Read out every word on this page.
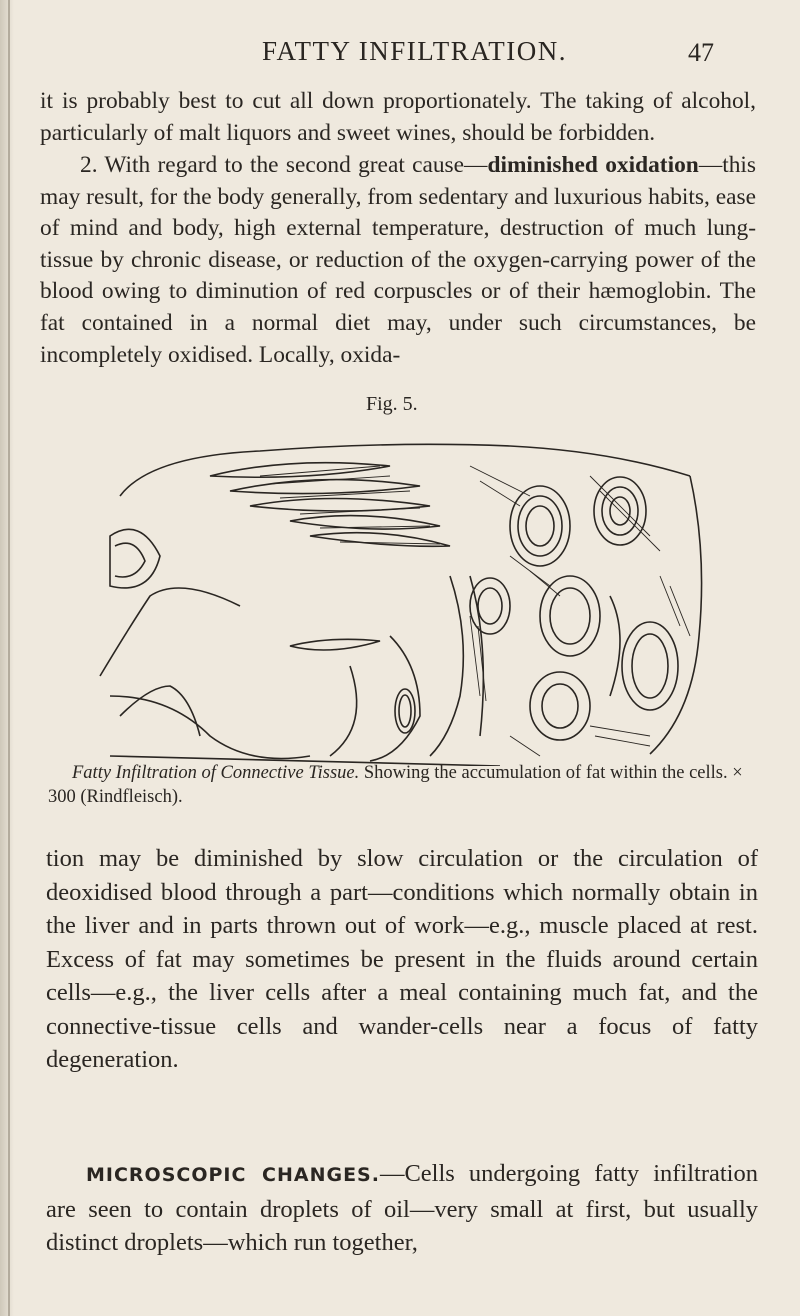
FATTY INFILTRATION.	47
it is probably best to cut all down proportionately. The taking of alcohol, particularly of malt liquors and sweet wines, should be forbidden.
2. With regard to the second great cause—diminished oxidation—this may result, for the body generally, from sedentary and luxurious habits, ease of mind and body, high external temperature, destruction of much lung-tissue by chronic disease, or reduction of the oxygen-carrying power of the blood owing to diminution of red corpuscles or of their hæmoglobin. The fat contained in a normal diet may, under such circumstances, be incompletely oxidised. Locally, oxida-
Fig. 5.
Fatty Infiltration of Connective Tissue. Showing the accumulation of fat within the cells. × 300 (Rindfleisch).
tion may be diminished by slow circulation or the circulation of deoxidised blood through a part—conditions which normally obtain in the liver and in parts thrown out of work—e.g., muscle placed at rest. Excess of fat may sometimes be present in the fluids around certain cells—e.g., the liver cells after a meal containing much fat, and the connective-tissue cells and wander-cells near a focus of fatty degeneration.
MICROSCOPIC CHANGES.—Cells undergoing fatty infiltration are seen to contain droplets of oil—very small at first, but usually distinct droplets—which run together,
